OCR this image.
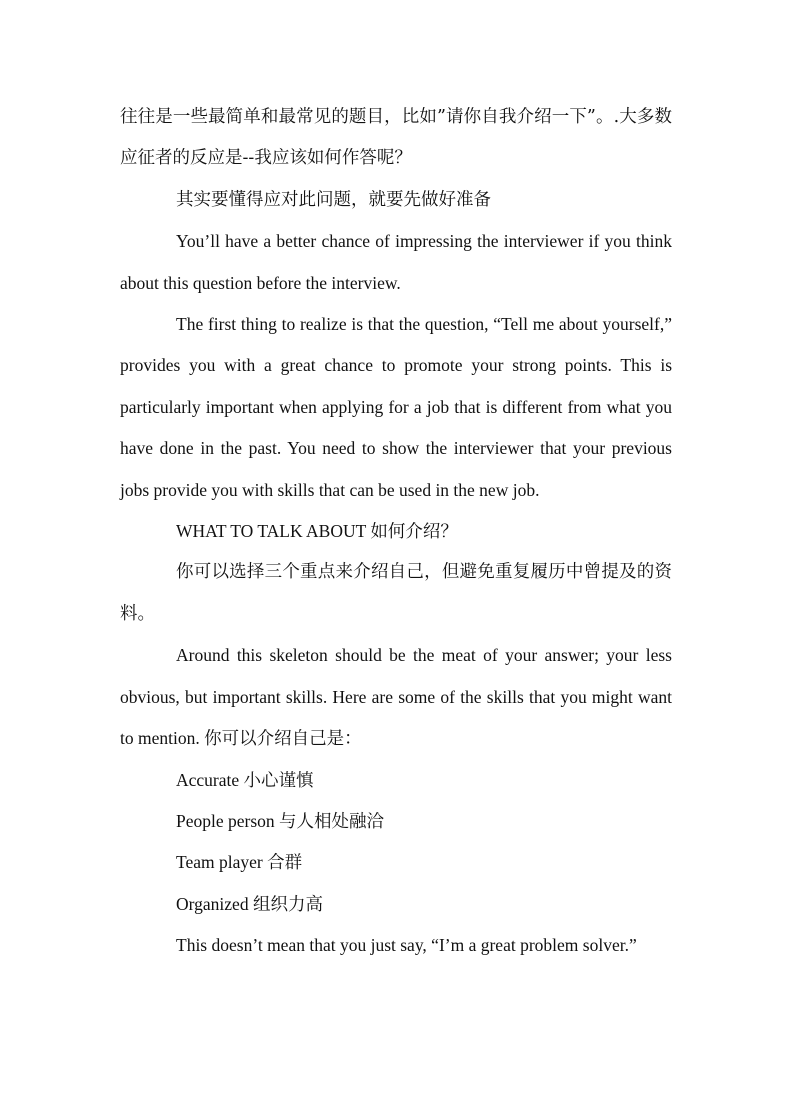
往往是一些最简单和最常见的题目，比如”请你自我介绍一下”。.大多数应征者的反应是--我应该如何作答呢？

其实要懂得应对此问题，就要先做好准备

You’ll have a better chance of impressing the interviewer if you think about this question before the interview.

The first thing to realize is that the question, “Tell me about yourself,” provides you with a great chance to promote your strong points. This is particularly important when applying for a job that is different from what you have done in the past. You need to show the interviewer that your previous jobs provide you with skills that can be used in the new job.

WHAT TO TALK ABOUT 如何介绍？

你可以选择三个重点来介绍自己，但避免重复履历中曾提及的资料。

Around this skeleton should be the meat of your answer; your less obvious, but important skills. Here are some of the skills that you might want to mention. 你可以介绍自己是：

Accurate 小心谨慎

People person 与人相处融洽

Team player 合群

Organized 组织力高

This doesn’t mean that you just say, “I’m a great problem solver.”
